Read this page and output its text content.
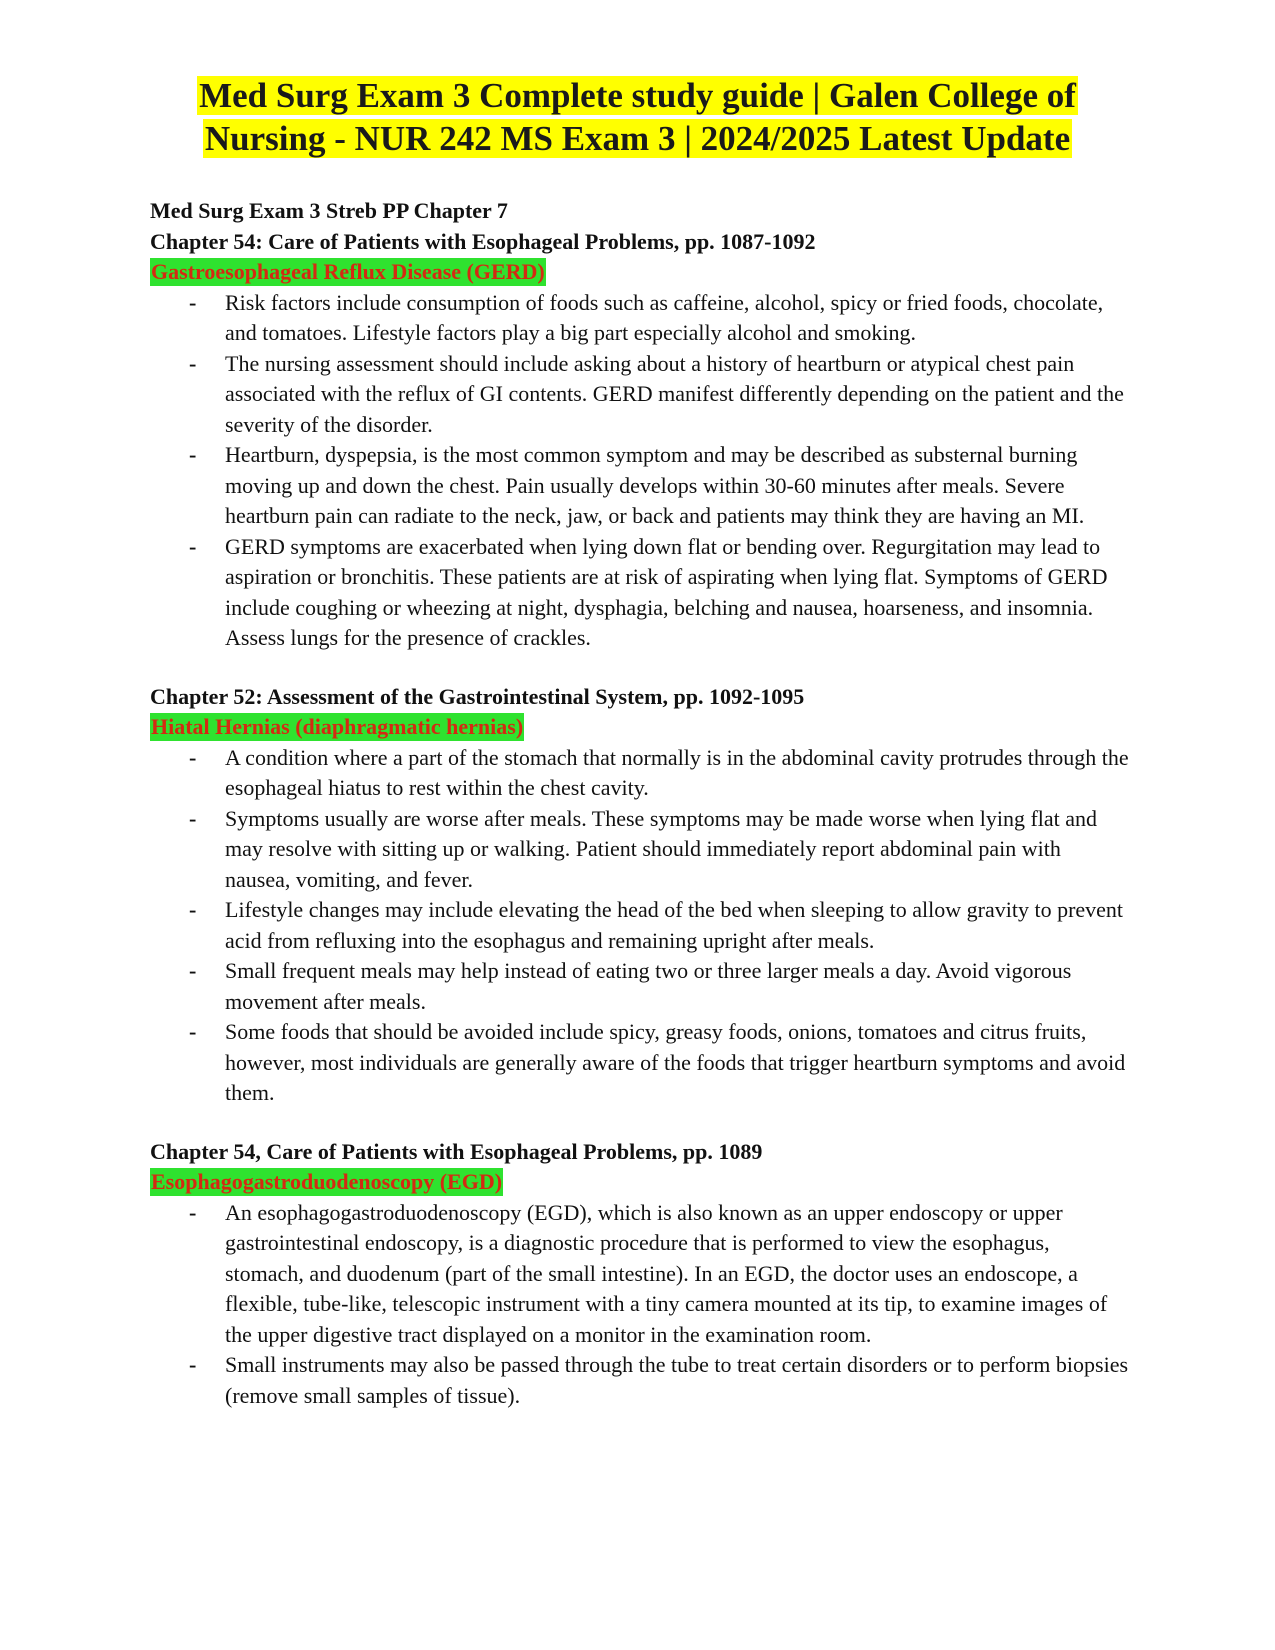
Med Surg Exam 3 Complete study guide | Galen College of Nursing - NUR 242 MS Exam 3 | 2024/2025 Latest Update

Med Surg Exam 3 Streb PP Chapter 7

Chapter 54: Care of Patients with Esophageal Problems, pp. 1087-1092

Gastroesophageal Reflux Disease (GERD)

- Risk factors include consumption of foods such as caffeine, alcohol, spicy or fried foods, chocolate, and tomatoes. Lifestyle factors play a big part especially alcohol and smoking.
- The nursing assessment should include asking about a history of heartburn or atypical chest pain associated with the reflux of GI contents. GERD manifest differently depending on the patient and the severity of the disorder.
- Heartburn, dyspepsia, is the most common symptom and may be described as substernal burning moving up and down the chest. Pain usually develops within 30-60 minutes after meals. Severe heartburn pain can radiate to the neck, jaw, or back and patients may think they are having an MI.
- GERD symptoms are exacerbated when lying down flat or bending over. Regurgitation may lead to aspiration or bronchitis. These patients are at risk of aspirating when lying flat. Symptoms of GERD include coughing or wheezing at night, dysphagia, belching and nausea, hoarseness, and insomnia. Assess lungs for the presence of crackles.

Chapter 52: Assessment of the Gastrointestinal System, pp. 1092-1095

Hiatal Hernias (diaphragmatic hernias)

- A condition where a part of the stomach that normally is in the abdominal cavity protrudes through the esophageal hiatus to rest within the chest cavity.
- Symptoms usually are worse after meals. These symptoms may be made worse when lying flat and may resolve with sitting up or walking. Patient should immediately report abdominal pain with nausea, vomiting, and fever.
- Lifestyle changes may include elevating the head of the bed when sleeping to allow gravity to prevent acid from refluxing into the esophagus and remaining upright after meals.
- Small frequent meals may help instead of eating two or three larger meals a day. Avoid vigorous movement after meals.
- Some foods that should be avoided include spicy, greasy foods, onions, tomatoes and citrus fruits, however, most individuals are generally aware of the foods that trigger heartburn symptoms and avoid them.

Chapter 54, Care of Patients with Esophageal Problems, pp. 1089

Esophagogastroduodenoscopy (EGD)

- An esophagogastroduodenoscopy (EGD), which is also known as an upper endoscopy or upper gastrointestinal endoscopy, is a diagnostic procedure that is performed to view the esophagus, stomach, and duodenum (part of the small intestine). In an EGD, the doctor uses an endoscope, a flexible, tube-like, telescopic instrument with a tiny camera mounted at its tip, to examine images of the upper digestive tract displayed on a monitor in the examination room.
- Small instruments may also be passed through the tube to treat certain disorders or to perform biopsies (remove small samples of tissue).
